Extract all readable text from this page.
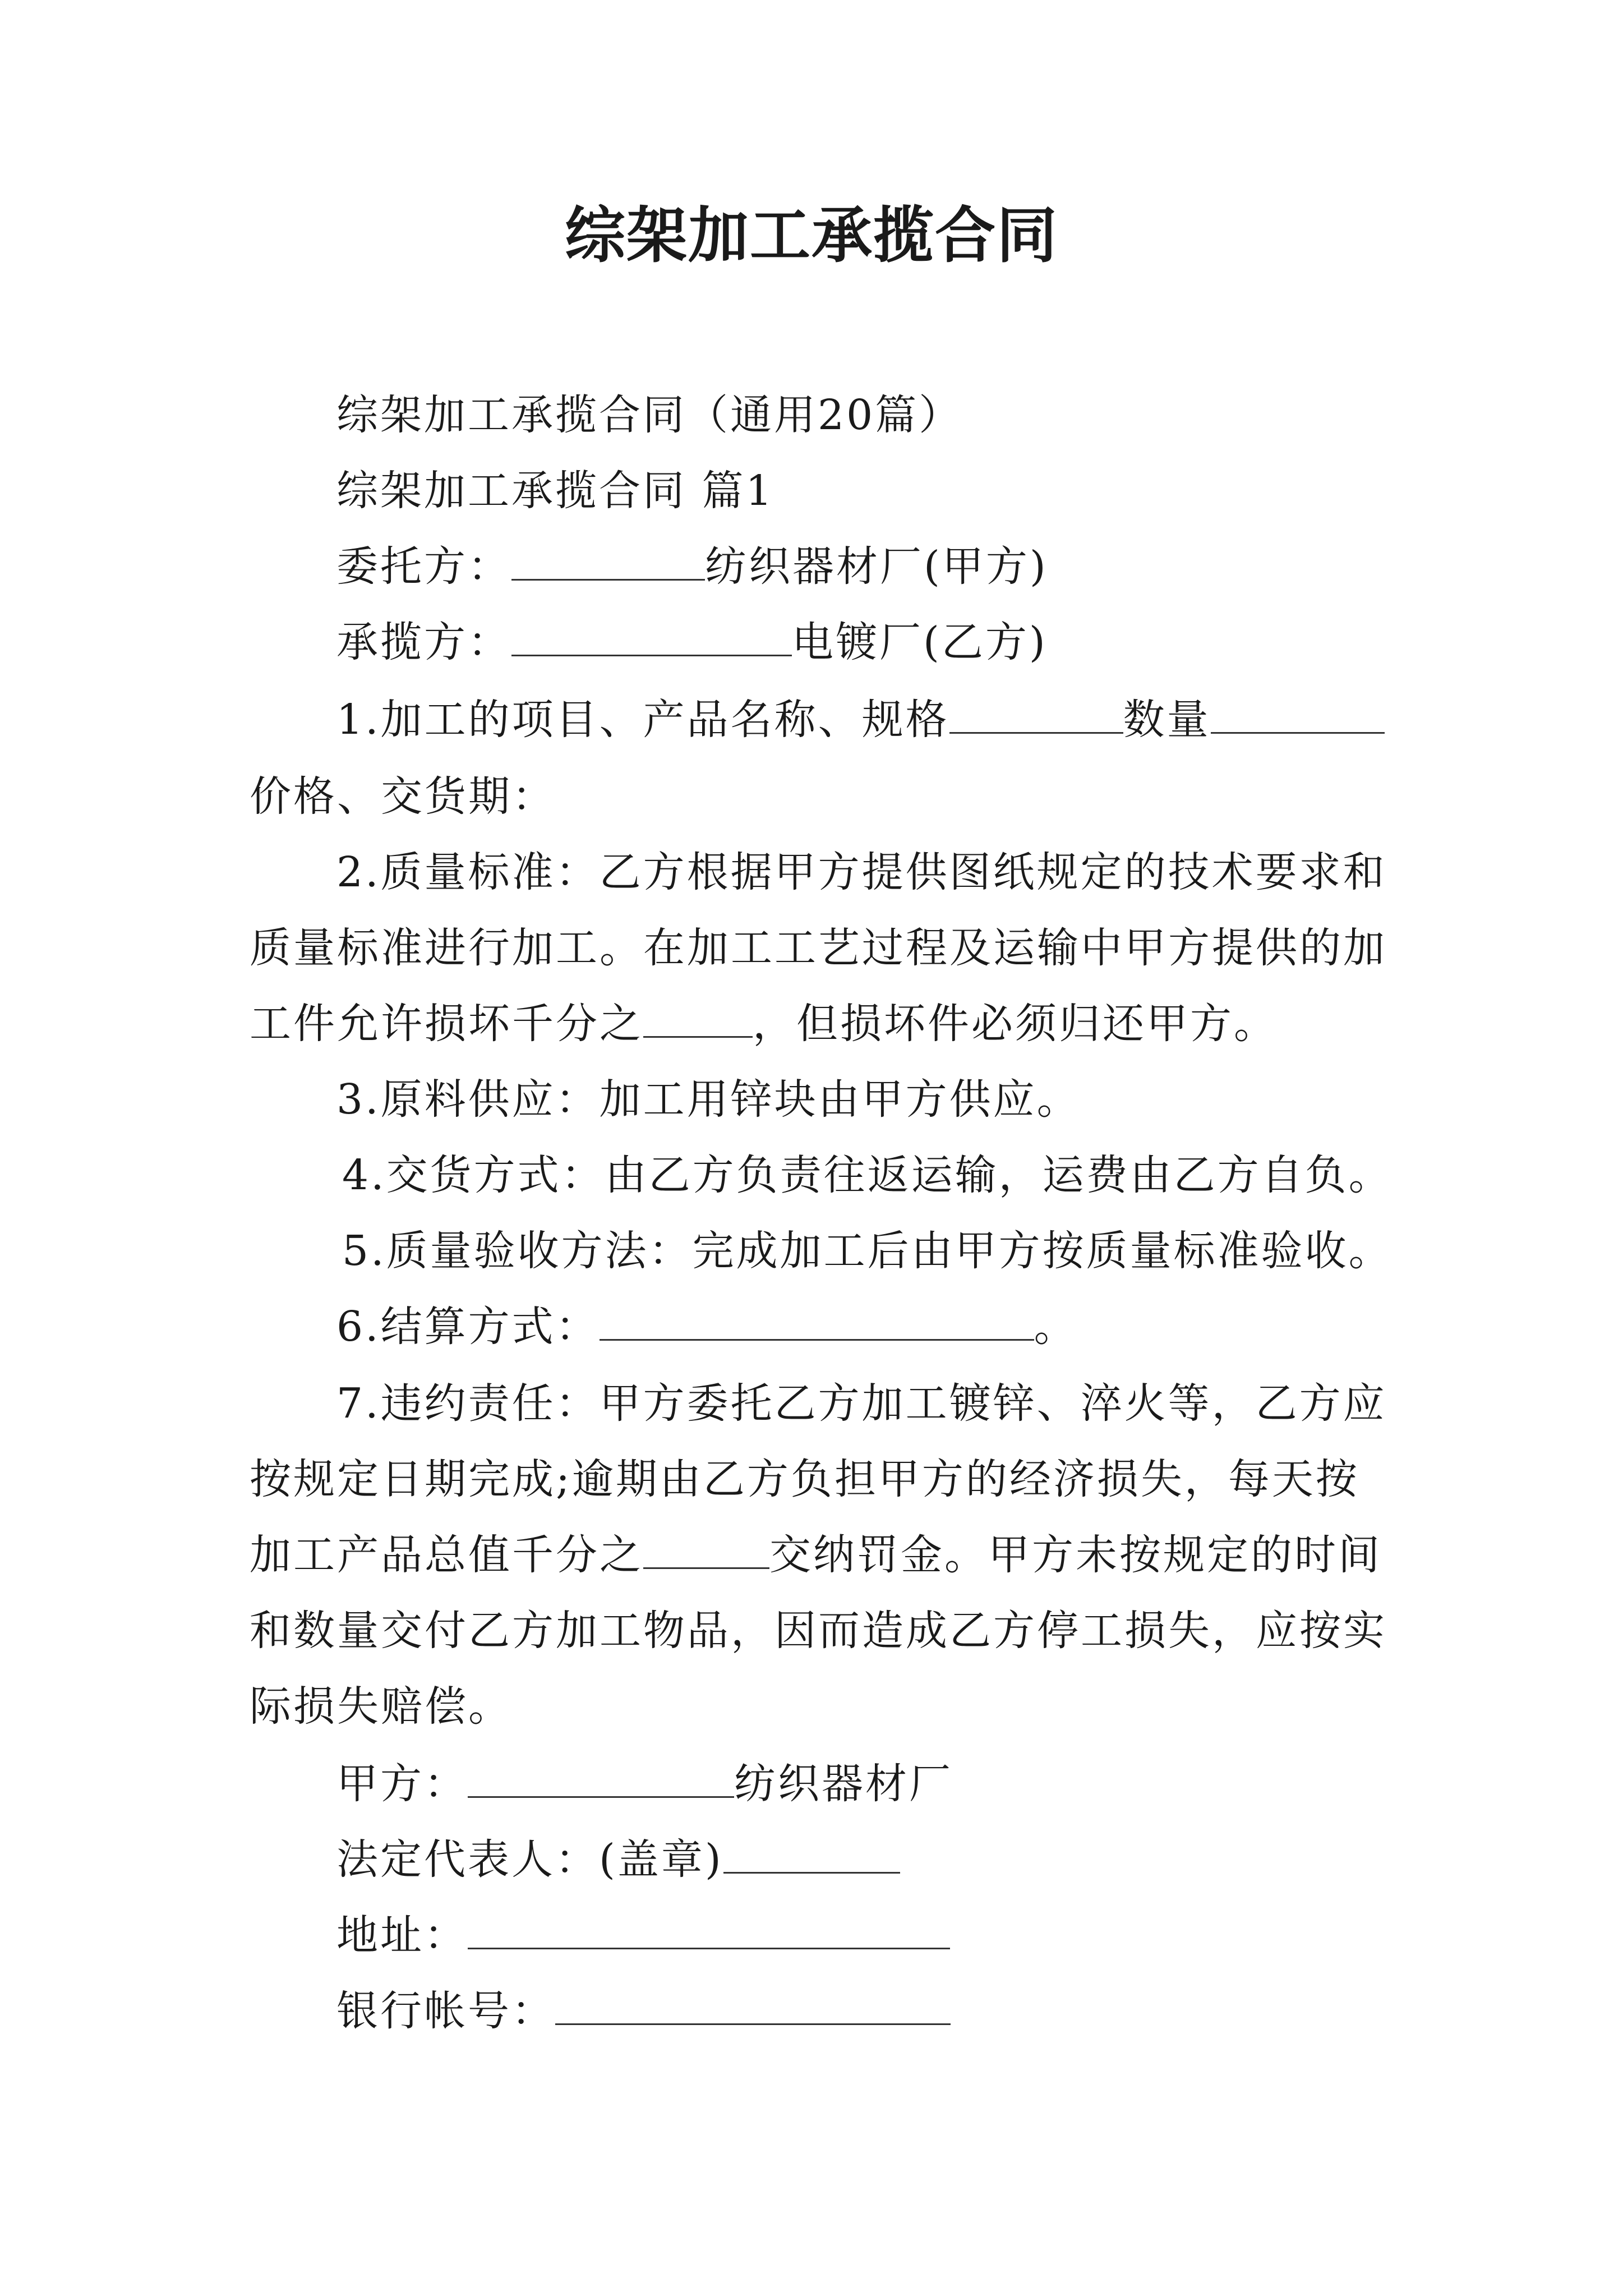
综架加工承揽合同
综架加工承揽合同（通用20篇）
综架加工承揽合同 篇1
委托方：	纺织器材厂(甲方)
承揽方：	电镀厂(乙方)
1.加工的项目、产品名称、规格	数量
价格、交货期：
2.质量标准：乙方根据甲方提供图纸规定的技术要求和
质量标准进行加工。在加工工艺过程及运输中甲方提供的加
工件允许损坏千分之	，但损坏件必须归还甲方。
3.原料供应：加工用锌块由甲方供应。
4.交货方式：由乙方负责往返运输，运费由乙方自负。
5.质量验收方法：完成加工后由甲方按质量标准验收。
6.结算方式：	。
7.违约责任：甲方委托乙方加工镀锌、淬火等，乙方应
按规定日期完成;逾期由乙方负担甲方的经济损失，每天按
加工产品总值千分之	交纳罚金。甲方未按规定的时间
和数量交付乙方加工物品，因而造成乙方停工损失，应按实
际损失赔偿。
甲方：	纺织器材厂
法定代表人：(盖章)
地址：
银行帐号：
